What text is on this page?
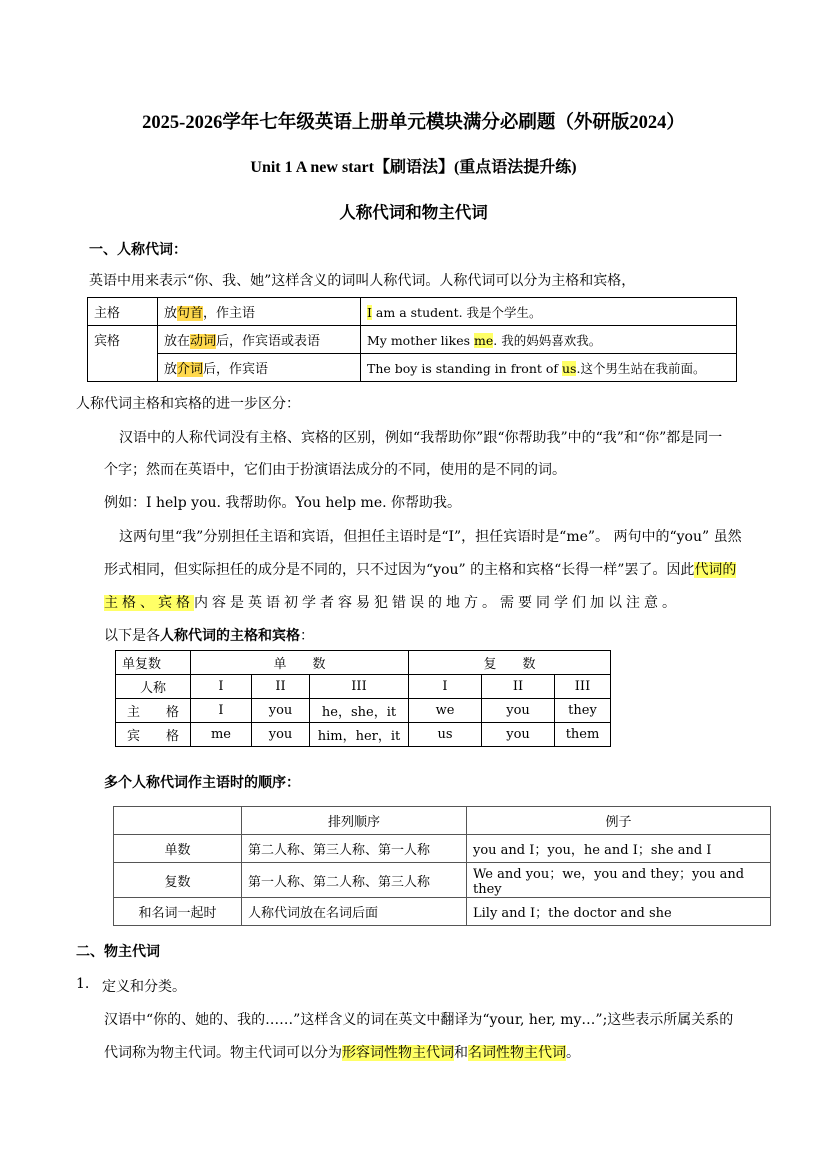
2025-2026学年七年级英语上册单元模块满分必刷题（外研版2024）
Unit 1 A new start【刷语法】(重点语法提升练)
人称代词和物主代词
一、人称代词：
英语中用来表示“你、我、她”这样含义的词叫人称代词。人称代词可以分为主格和宾格，
主格	放句首，作主语	I am a student. 我是个学生。
宾格	放在动词后，作宾语或表语	My mother likes me. 我的妈妈喜欢我。
	放介词后，作宾语	The boy is standing in front of us.这个男生站在我前面。
人称代词主格和宾格的进一步区分：
汉语中的人称代词没有主格、宾格的区别，例如“我帮助你”跟“你帮助我”中的“我”和“你”都是同一
个字；然而在英语中，它们由于扮演语法成分的不同，使用的是不同的词。
例如：I help you. 我帮助你。You help me. 你帮助我。
这两句里“我”分别担任主语和宾语，但担任主语时是“I”，担任宾语时是“me”。 两句中的“you” 虽然
形式相同，但实际担任的成分是不同的，只不过因为“you” 的主格和宾格“长得一样”罢了。因此代词的
主格、宾格内容是英语初学者容易犯错误的地方。需要同学们加以注意。
以下是各人称代词的主格和宾格：
单复数	单　　数			复　　数		
人称	I	II	III	I	II	III
主　　格	I	you	he，she，it	we	you	they
宾　　格	me	you	him，her，it	us	you	them
多个人称代词作主语时的顺序：
	排列顺序	例子
单数	第二人称、第三人称、第一人称	you and I；you，he and I；she and I
复数	第一人称、第二人称、第三人称	We and you；we，you and they；you and they
和名词一起时	人称代词放在名词后面	Lily and I；the doctor and she
二、物主代词
1. 定义和分类。
汉语中“你的、她的、我的……”这样含义的词在英文中翻译为“your, her, my…”;这些表示所属关系的
代词称为物主代词。物主代词可以分为形容词性物主代词和名词性物主代词。
